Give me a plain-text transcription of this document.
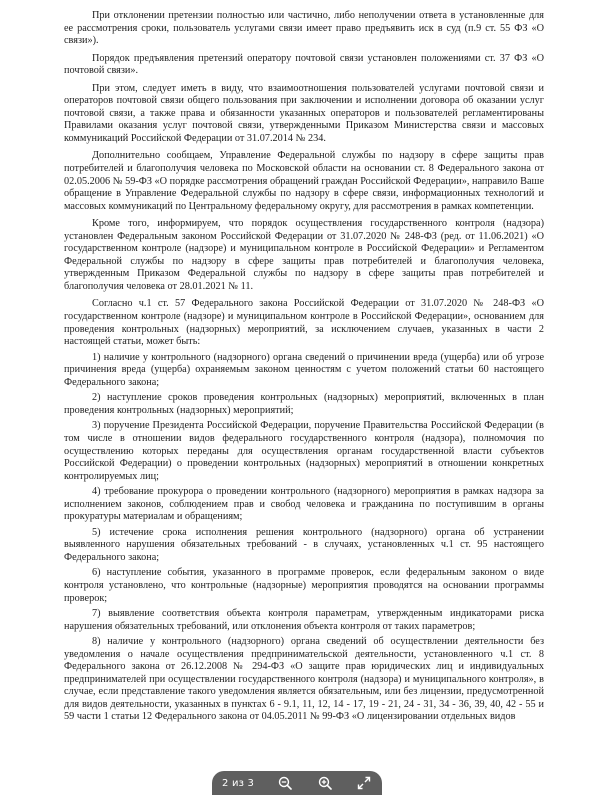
При отклонении претензии полностью или частично, либо неполучении ответа в установленные для ее рассмотрения сроки, пользователь услугами связи имеет право предъявить иск в суд (п.9 ст. 55 ФЗ «О связи»).

Порядок предъявления претензий оператору почтовой связи установлен положениями ст. 37 ФЗ «О почтовой связи».

При этом, следует иметь в виду, что взаимоотношения пользователей услугами почтовой связи и операторов почтовой связи общего пользования при заключении и исполнении договора об оказании услуг почтовой связи, а также права и обязанности указанных операторов и пользователей регламентированы Правилами оказания услуг почтовой связи, утвержденными Приказом Министерства связи и массовых коммуникаций Российской Федерации от 31.07.2014 № 234.

Дополнительно сообщаем, Управление Федеральной службы по надзору в сфере защиты прав потребителей и благополучия человека по Московской области на основании ст. 8 Федерального закона от 02.05.2006 № 59-ФЗ «О порядке рассмотрения обращений граждан Российской Федерации», направило Ваше обращение в Управление Федеральной службы по надзору в сфере связи, информационных технологий и массовых коммуникаций по Центральному федеральному округу, для рассмотрения в рамках компетенции.

Кроме того, информируем, что порядок осуществления государственного контроля (надзора) установлен Федеральным законом Российской Федерации от 31.07.2020 № 248-ФЗ (ред. от 11.06.2021) «О государственном контроле (надзоре) и муниципальном контроле в Российской Федерации» и Регламентом Федеральной службы по надзору в сфере защиты прав потребителей и благополучия человека, утвержденным Приказом Федеральной службы по надзору в сфере защиты прав потребителей и благополучия человека от 28.01.2021 № 11.

Согласно ч.1 ст. 57 Федерального закона Российской Федерации от 31.07.2020 № 248-ФЗ «О государственном контроле (надзоре) и муниципальном контроле в Российской Федерации», основанием для проведения контрольных (надзорных) мероприятий, за исключением случаев, указанных в части 2 настоящей статьи, может быть:

1) наличие у контрольного (надзорного) органа сведений о причинении вреда (ущерба) или об угрозе причинения вреда (ущерба) охраняемым законом ценностям с учетом положений статьи 60 настоящего Федерального закона;

2) наступление сроков проведения контрольных (надзорных) мероприятий, включенных в план проведения контрольных (надзорных) мероприятий;

3) поручение Президента Российской Федерации, поручение Правительства Российской Федерации (в том числе в отношении видов федерального государственного контроля (надзора), полномочия по осуществлению которых переданы для осуществления органам государственной власти субъектов Российской Федерации) о проведении контрольных (надзорных) мероприятий в отношении конкретных контролируемых лиц;

4) требование прокурора о проведении контрольного (надзорного) мероприятия в рамках надзора за исполнением законов, соблюдением прав и свобод человека и гражданина по поступившим в органы прокуратуры материалам и обращениям;

5) истечение срока исполнения решения контрольного (надзорного) органа об устранении выявленного нарушения обязательных требований - в случаях, установленных ч.1 ст. 95 настоящего Федерального закона;

6) наступление события, указанного в программе проверок, если федеральным законом о виде контроля установлено, что контрольные (надзорные) мероприятия проводятся на основании программы проверок;

7) выявление соответствия объекта контроля параметрам, утвержденным индикаторами риска нарушения обязательных требований, или отклонения объекта контроля от таких параметров;

8) наличие у контрольного (надзорного) органа сведений об осуществлении деятельности без уведомления о начале осуществления предпринимательской деятельности, установленного ч.1 ст. 8 Федерального закона от 26.12.2008 № 294-ФЗ «О защите прав юридических лиц и индивидуальных предпринимателей при осуществлении государственного контроля (надзора) и муниципального контроля», в случае, если представление такого уведомления является обязательным, или без лицензии, предусмотренной для видов деятельности, указанных в пунктах 6 - 9.1, 11, 12, 14 - 17, 19 - 21, 24 - 31, 34 - 36, 39, 40, 42 - 55 и 59 части 1 статьи 12 Федерального закона от 04.05.2011 № 99-ФЗ «О лицензировании отдельных видов

2 из 3
